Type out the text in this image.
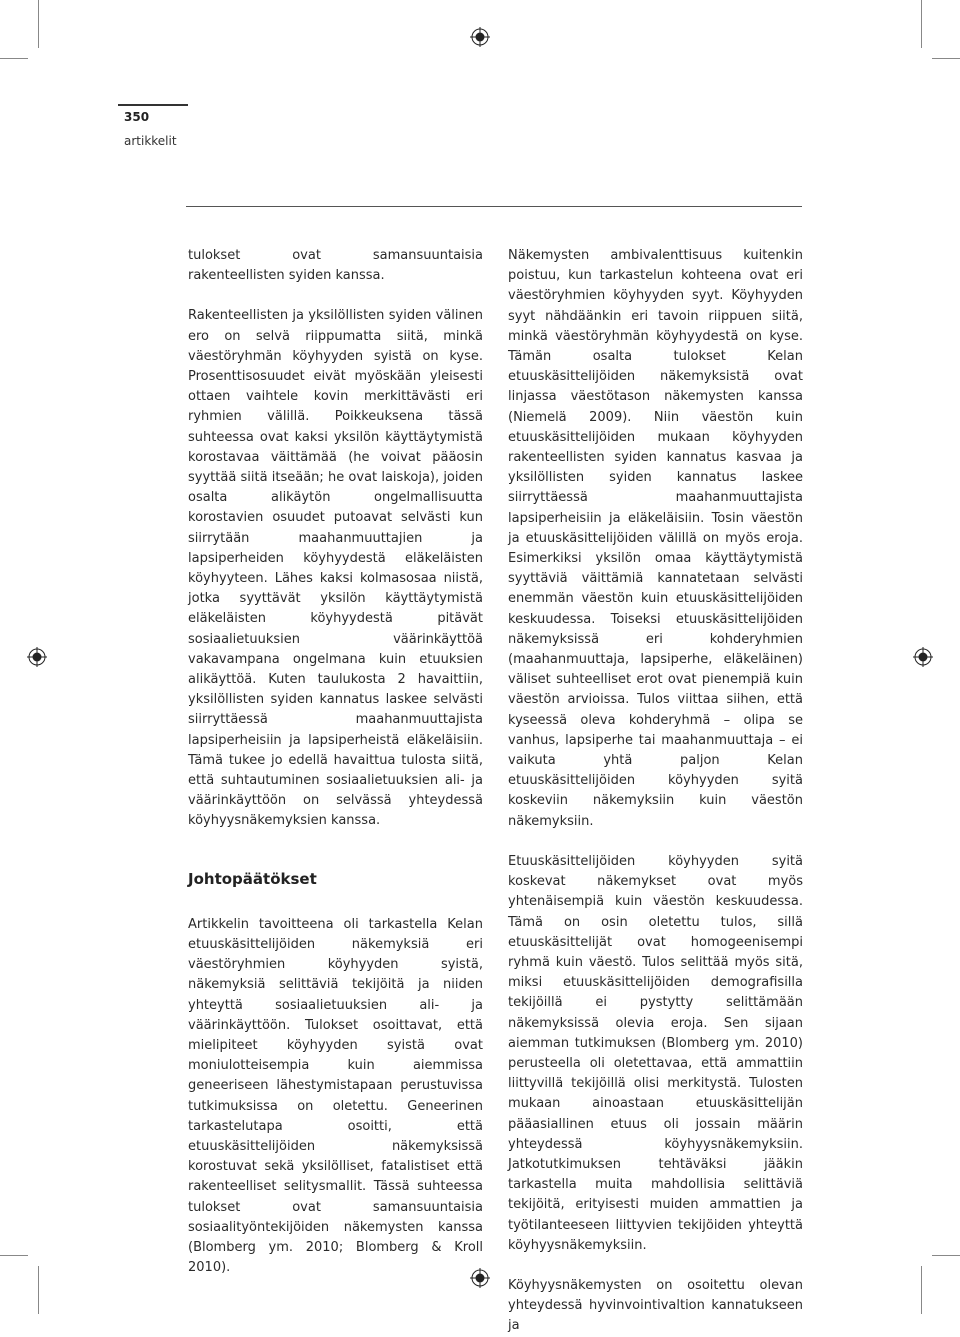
350
artikkelit

tulokset ovat samansuuntaisia rakenteellisten syiden kanssa.

Rakenteellisten ja yksilöllisten syiden välinen ero on selvä riippumatta siitä, minkä väestöryhmän köyhyyden syistä on kyse. Prosenttisosuudet eivät myöskään yleisesti ottaen vaihtele kovin merkittävästi eri ryhmien välillä. Poikkeuksena tässä suhteessa ovat kaksi yksilön käyttäytymistä korostavaa väittämää (he voivat pääosin syyttää siitä itseään; he ovat laiskoja), joiden osalta alikäytön ongelmallisuutta korostavien osuudet putoavat selvästi kun siirrytään maahanmuuttajien ja lapsiperheiden köyhyydestä eläkeläisten köyhyyteen. Lähes kaksi kolmasosaa niistä, jotka syyttävät yksilön käyttäytymistä eläkeläisten köyhyydestä pitävät sosiaalietuuksien väärinkäyttöä vakavampana ongelmana kuin etuuksien alikäyttöä. Kuten taulukosta 2 havaittiin, yksilöllisten syiden kannatus laskee selvästi siirryttäessä maahanmuuttajista lapsiperheisiin ja lapsiperheistä eläkeläisiin. Tämä tukee jo edellä havaittua tulosta siitä, että suhtautuminen sosiaalietuuksien ali- ja väärinkäyttöön on selvässä yhteydessä köyhyysnäkemyksien kanssa.

Johtopäätökset

Artikkelin tavoitteena oli tarkastella Kelan etuuskäsittelijöiden näkemyksiä eri väestöryhmien köyhyyden syistä, näkemyksiä selittäviä tekijöitä ja niiden yhteyttä sosiaalietuuksien ali- ja väärinkäyttöön. Tulokset osoittavat, että mielipiteet köyhyyden syistä ovat moniulotteisempia kuin aiemmissa geneeriseen lähestymistapaan perustuvissa tutkimuksissa on oletettu. Geneerinen tarkastelutapa osoitti, että etuuskäsittelijöiden näkemyksissä korostuvat sekä yksilölliset, fatalistiset että rakenteelliset selitysmallit. Tässä suhteessa tulokset ovat samansuuntaisia sosiaalityöntekijöiden näkemysten kanssa (Blomberg ym. 2010; Blomberg & Kroll 2010).

Näkemysten ambivalenttisuus kuitenkin poistuu, kun tarkastelun kohteena ovat eri väestöryhmien köyhyyden syyt. Köyhyyden syyt nähdäänkin eri tavoin riippuen siitä, minkä väestöryhmän köyhyydestä on kyse. Tämän osalta tulokset Kelan etuuskäsittelijöiden näkemyksistä ovat linjassa väestötason näkemysten kanssa (Niemelä 2009). Niin väestön kuin etuuskäsittelijöiden mukaan köyhyyden rakenteellisten syiden kannatus kasvaa ja yksilöllisten syiden kannatus laskee siirryttäessä maahanmuuttajista lapsiperheisiin ja eläkeläisiin. Tosin väestön ja etuuskäsittelijöiden välillä on myös eroja. Esimerkiksi yksilön omaa käyttäytymistä syyttäviä väittämiä kannatetaan selvästi enemmän väestön kuin etuuskäsittelijöiden keskuudessa. Toiseksi etuuskäsittelijöiden näkemyksissä eri kohderyhmien (maahanmuuttaja, lapsiperhe, eläkeläinen) väliset suhteelliset erot ovat pienempiä kuin väestön arvioissa. Tulos viittaa siihen, että kyseessä oleva kohderyhmä – olipa se vanhus, lapsiperhe tai maahanmuuttaja – ei vaikuta yhtä paljon Kelan etuuskäsittelijöiden köyhyyden syitä koskeviin näkemyksiin kuin väestön näkemyksiin.

Etuuskäsittelijöiden köyhyyden syitä koskevat näkemykset ovat myös yhtenäisempiä kuin väestön keskuudessa. Tämä on osin oletettu tulos, sillä etuuskäsittelijät ovat homogeenisempi ryhmä kuin väestö. Tulos selittää myös sitä, miksi etuuskäsittelijöiden demografisilla tekijöillä ei pystytty selittämään näkemyksissä olevia eroja. Sen sijaan aiemman tutkimuksen (Blomberg ym. 2010) perusteella oli oletettavaa, että ammattiin liittyvillä tekijöillä olisi merkitystä. Tulosten mukaan ainoastaan etuuskäsittelijän pääasiallinen etuus oli jossain määrin yhteydessä köyhyysnäkemyksiin. Jatkotutkimuksen tehtäväksi jääkin tarkastella muita mahdollisia selittäviä tekijöitä, erityisesti muiden ammattien ja työtilanteeseen liittyvien tekijöiden yhteyttä köyhyysnäkemyksiin.

Köyhyysnäkemysten on osoitettu olevan yhteydessä hyvinvointivaltion kannatukseen ja
